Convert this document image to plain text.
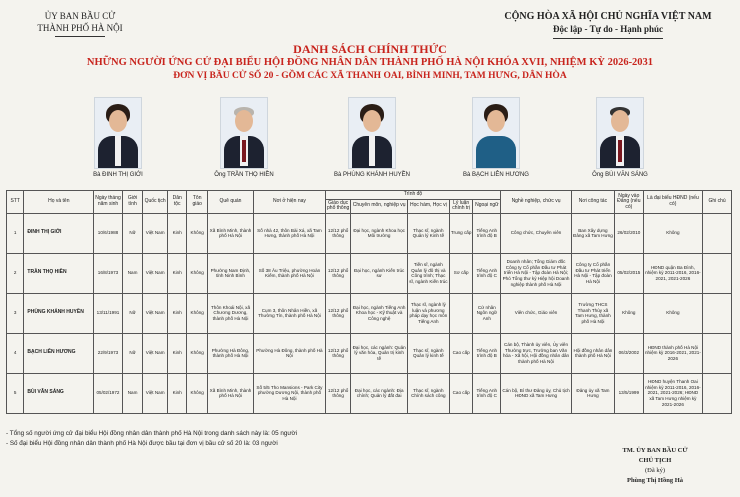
ỦY BAN BẦU CỬ
THÀNH PHỐ HÀ NỘI
CỘNG HÒA XÃ HỘI CHỦ NGHĨA VIỆT NAM
Độc lập - Tự do - Hạnh phúc
DANH SÁCH CHÍNH THỨC
NHỮNG NGƯỜI ỨNG CỬ ĐẠI BIỂU HỘI ĐỒNG NHÂN DÂN THÀNH PHỐ HÀ NỘI KHÓA XVII, NHIỆM KỲ 2026-2031
ĐƠN VỊ BẦU CỬ SỐ 20 - GỒM CÁC XÃ THANH OAI, BÌNH MINH, TAM HƯNG, DÂN HÒA
Bà ĐINH THỊ GIỚI	Ông TRẦN THỌ HIỀN	Bà PHÙNG KHÁNH HUYỀN	Bà BẠCH LIÊN HƯƠNG	Ông BÙI VĂN SÁNG
STT	Họ và tên	Ngày tháng năm sinh	Giới tính	Quốc tịch	Dân tộc	Tôn giáo	Quê quán	Nơi ở hiện nay	Trình độ					Nghề nghiệp, chức vụ	Nơi công tác	Ngày vào Đảng (nếu có)	Là đại biểu HĐND (nếu có)	Ghi chú
									Giáo dục phổ thông	Chuyên môn, nghiệp vụ	Học hàm, Học vị	Lý luận chính trị	Ngoại ngữ					
1	ĐINH THỊ GIỚI	10/6/1988	Nữ	Việt Nam	Kinh	Không	Xã Bình Minh, thành phố Hà Nội	Số nhà 42, thôn Bài Xá, xã Tam Hưng, thành phố Hà Nội	12/12 phổ thông	Đại học, ngành Khoa học Môi trường	Thạc sĩ, ngành Quản lý Kinh tế	Trung cấp	Tiếng Anh trình độ B	Công chức, Chuyên viên	Ban Xây dựng Đảng xã Tam Hưng	26/02/2010	Không	
2	TRẦN THỌ HIỀN	16/8/1973	Nam	Việt Nam	Kinh	Không	Phường Nam Định, tỉnh Ninh Bình	Số 38 Âu Triệu, phường Hoàn Kiếm, thành phố Hà Nội	12/12 phổ thông	Đại học, ngành Kiến trúc sư	Tiến sĩ, ngành Quản lý đô thị và Công trình; Thạc sĩ, ngành Kiến trúc	Sơ cấp	Tiếng Anh trình độ C	Doanh nhân; Tổng Giám đốc Công ty Cổ phần Đầu tư Phát triển Hà Nội - Tập đoàn Hà Nội; Phó Tổng thư ký Hiệp hội Doanh nghiệp thành phố Hà Nội	Công ty Cổ phần Đầu tư Phát triển Hà Nội - Tập đoàn Hà Nội	05/02/2015	HĐND quận Ba Đình, nhiệm kỳ 2011-2016, 2016-2021, 2021-2026	
3	PHÙNG KHÁNH HUYỀN	13/11/1991	Nữ	Việt Nam	Kinh	Không	Thôn Khoái Nội, xã Chương Dương, thành phố Hà Nội	Cụm 3, thôn Nhân Hiền, xã Thường Tín, thành phố Hà Nội	12/12 phổ thông	Đại học, ngành Tiếng Anh Khoa học - Kỹ thuật và Công nghệ	Thạc sĩ, ngành lý luận và phương pháp dạy học môn Tiếng Anh		Cử nhân Ngôn ngữ Anh	Viên chức, Giáo viên	Trường THCS Thanh Thùy xã Tam Hưng, thành phố Hà Nội	Không	Không	
4	BẠCH LIÊN HƯƠNG	22/9/1973	Nữ	Việt Nam	Kinh	Không	Phường Hà Đông, thành phố Hà Nội	Phường Hà Đông, thành phố Hà Nội	12/12 phổ thông	Đại học, các ngành: Quản lý văn hóa, Quản trị kinh tế	Thạc sĩ, ngành Quản lý kinh tế	Cao cấp	Tiếng Anh trình độ B	Cán bộ, Thành ủy viên, Ủy viên Thường trực, Trưởng ban Văn hóa - Xã hội, Hội đồng nhân dân thành phố Hà Nội	Hội đồng nhân dân thành phố Hà Nội	06/3/2002	HĐND thành phố Hà Nội nhiệm kỳ 2016-2021, 2021-2026	
5	BÙI VĂN SÁNG	05/02/1972	Nam	Việt Nam	Kinh	Không	Xã Bình Minh, thành phố Hà Nội	Số 5/5 Tho Mansions - Park City phường Dương Nội, thành phố Hà Nội	12/12 phổ thông	Đại học, các ngành: Địa chính; Quản lý đất đai	Thạc sĩ, ngành Chính sách công	Cao cấp	Tiếng Anh trình độ C	Cán bộ, Bí thư Đảng ủy, Chủ tịch HĐND xã Tam Hưng	Đảng ủy xã Tam Hưng	13/5/1999	HĐND huyện Thanh Oai nhiệm kỳ 2011-2016, 2016-2021, 2021-2026; HĐND xã Tam Hưng nhiệm kỳ 2021-2026	
- Tổng số người ứng cử đại biểu Hội đồng nhân dân thành phố Hà Nội trong danh sách này là: 05 người
- Số đại biểu Hội đồng nhân dân thành phố Hà Nội được bầu tại đơn vị bầu cử số 20 là: 03 người
TM. ỦY BAN BẦU CỬ
CHỦ TỊCH
(Đã ký)
Phùng Thị Hồng Hà
